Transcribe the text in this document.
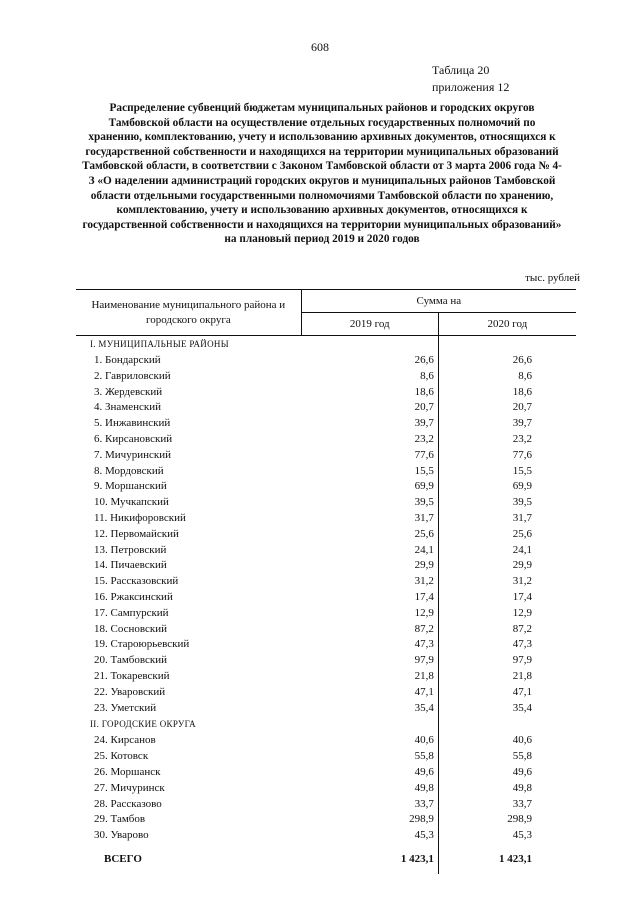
608
Таблица 20
приложения 12
Распределение субвенций бюджетам муниципальных районов и городских округов Тамбовской области на осуществление отдельных государственных полномочий по хранению, комплектованию, учету и использованию архивных документов, относящихся к государственной собственности и находящихся на территории муниципальных образований Тамбовской области, в соответствии с Законом Тамбовской области от 3 марта 2006 года № 4-З «О наделении администраций городских округов и муниципальных районов Тамбовской области отдельными государственными полномочиями Тамбовской области по хранению, комплектованию, учету и использованию архивных документов, относящихся к государственной собственности и находящихся на территории муниципальных образований» на плановый период 2019 и 2020 годов
тыс. рублей
Наименование муниципального района и городского округа	Сумма на	
	2019 год	2020 год
I. МУНИЦИПАЛЬНЫЕ РАЙОНЫ		
1. Бондарский	26,6	26,6
2. Гавриловский	8,6	8,6
3. Жердевский	18,6	18,6
4. Знаменский	20,7	20,7
5. Инжавинский	39,7	39,7
6. Кирсановский	23,2	23,2
7. Мичуринский	77,6	77,6
8. Мордовский	15,5	15,5
9. Моршанский	69,9	69,9
10. Мучкапский	39,5	39,5
11. Никифоровский	31,7	31,7
12. Первомайский	25,6	25,6
13. Петровский	24,1	24,1
14. Пичаевский	29,9	29,9
15. Рассказовский	31,2	31,2
16. Ржаксинский	17,4	17,4
17. Сампурский	12,9	12,9
18. Сосновский	87,2	87,2
19. Староюрьевский	47,3	47,3
20. Тамбовский	97,9	97,9
21. Токаревский	21,8	21,8
22. Уваровский	47,1	47,1
23. Уметский	35,4	35,4
II. ГОРОДСКИЕ ОКРУГА		
24. Кирсанов	40,6	40,6
25. Котовск	55,8	55,8
26. Моршанск	49,6	49,6
27. Мичуринск	49,8	49,8
28. Рассказово	33,7	33,7
29. Тамбов	298,9	298,9
30. Уварово	45,3	45,3
ВСЕГО	1 423,1	1 423,1
